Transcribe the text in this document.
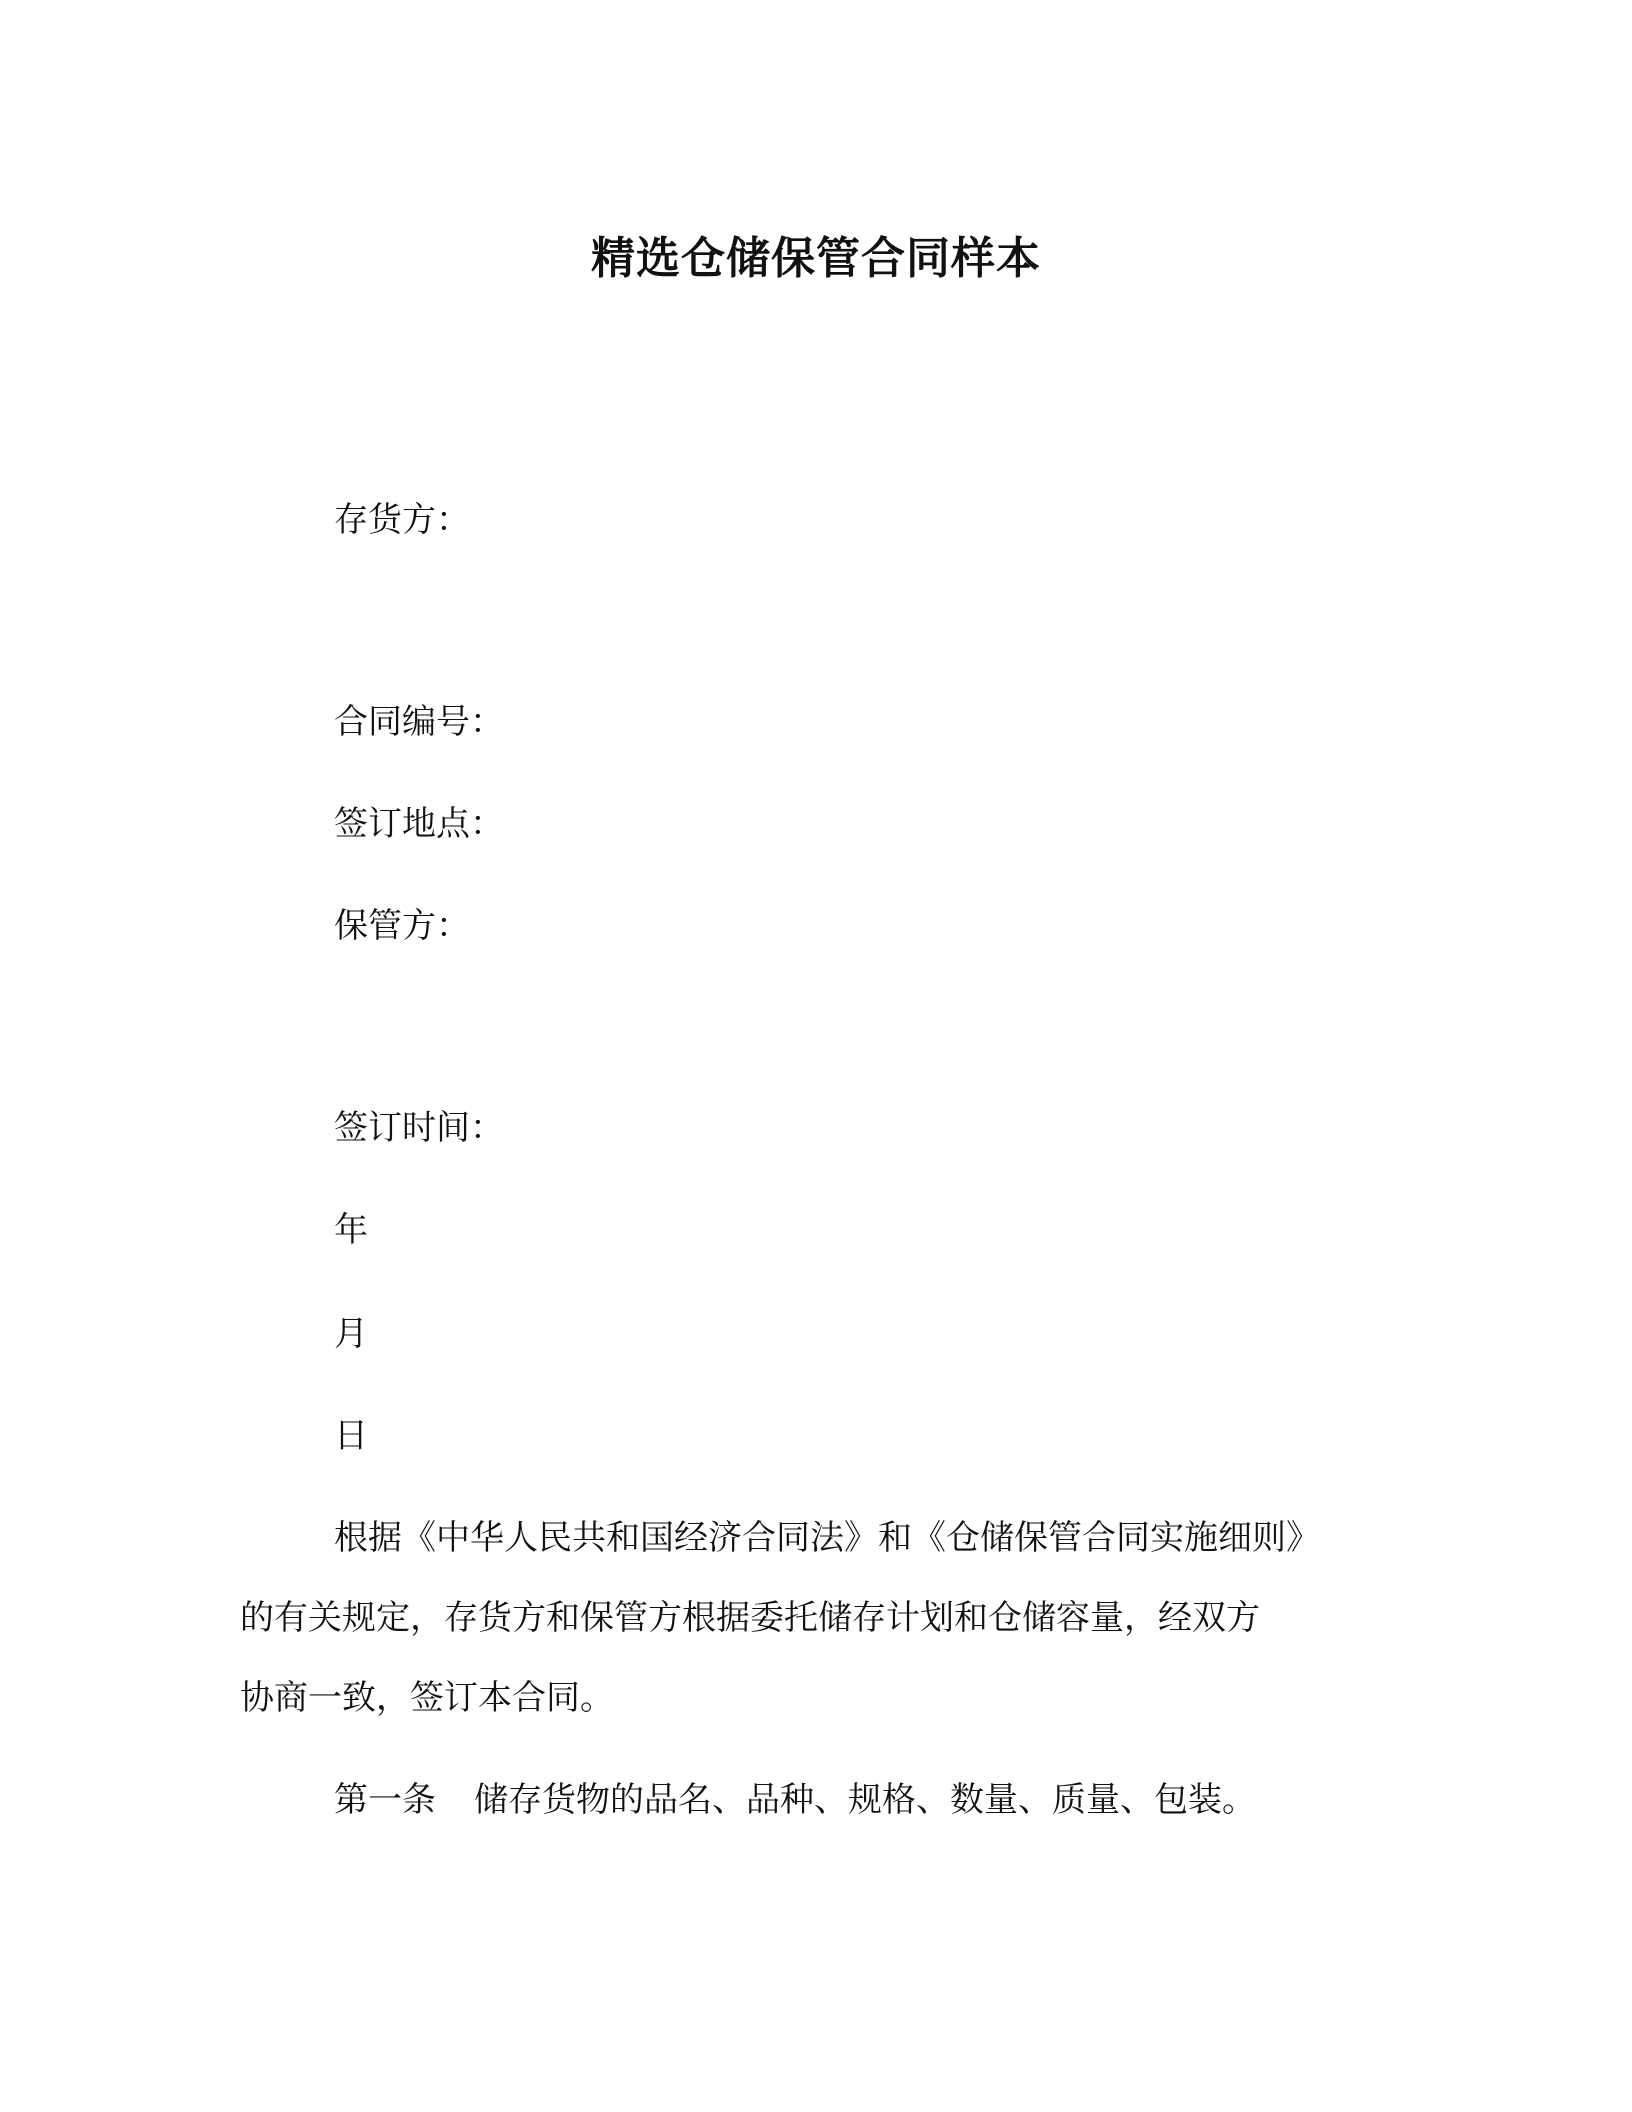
精选仓储保管合同样本
存货方：
合同编号：
签订地点：
保管方：
签订时间：
年
月
日
根据《中华人民共和国经济合同法》和《仓储保管合同实施细则》
的有关规定，存货方和保管方根据委托储存计划和仓储容量，经双方
协商一致，签订本合同。
第一条 储存货物的品名、品种、规格、数量、质量、包装。
